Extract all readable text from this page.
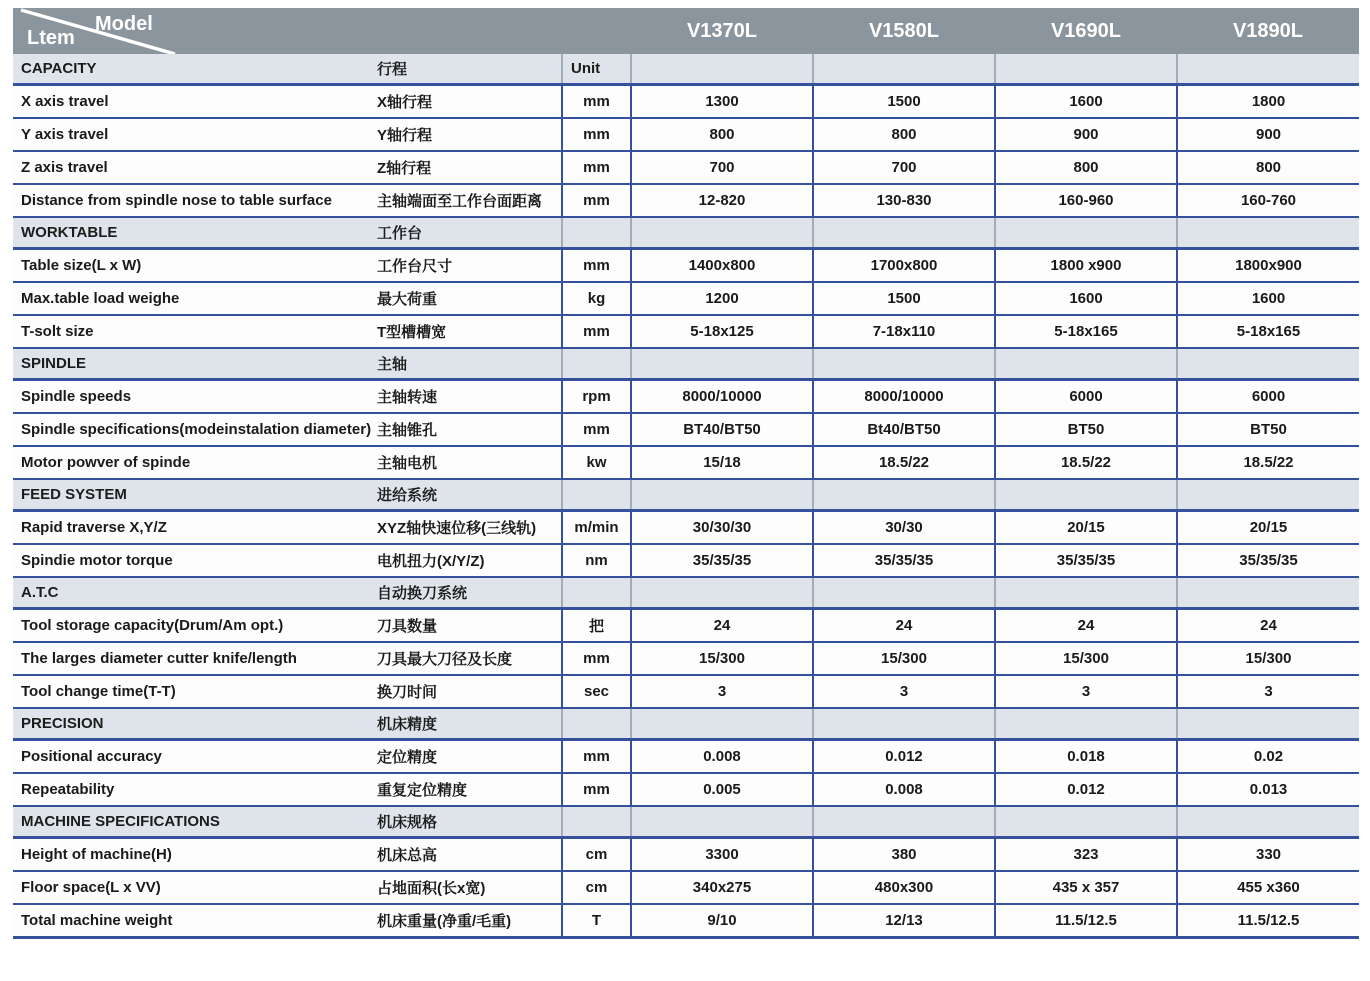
Model
Ltem			V1370L	V1580L	V1690L	V1890L
CAPACITY	行程	Unit				
X axis travel	X轴行程	mm	1300	1500	1600	1800
Y axis travel	Y轴行程	mm	800	800	900	900
Z axis travel	Z轴行程	mm	700	700	800	800
Distance from spindle nose to table surface	主轴端面至工作台面距离	mm	12-820	130-830	160-960	160-760
WORKTABLE	工作台					
Table size(L x W)	工作台尺寸	mm	1400x800	1700x800	1800 x900	1800x900
Max.table load weighe	最大荷重	kg	1200	1500	1600	1600
T-solt size	T型槽槽宽	mm	5-18x125	7-18x110	5-18x165	5-18x165
SPINDLE	主轴					
Spindle speeds	主轴转速	rpm	8000/10000	8000/10000	6000	6000
Spindle specifications(modeinstalation diameter)	主轴锥孔	mm	BT40/BT50	Bt40/BT50	BT50	BT50
Motor powver of spinde	主轴电机	kw	15/18	18.5/22	18.5/22	18.5/22
FEED SYSTEM	进给系统					
Rapid traverse X,Y/Z	XYZ轴快速位移(三线轨)	m/min	30/30/30	30/30	20/15	20/15
Spindie motor torque	电机扭力(X/Y/Z)	nm	35/35/35	35/35/35	35/35/35	35/35/35
A.T.C	自动换刀系统					
Tool storage capacity(Drum/Am opt.)	刀具数量	把	24	24	24	24
The larges diameter cutter knife/length	刀具最大刀径及长度	mm	15/300	15/300	15/300	15/300
Tool change time(T-T)	换刀时间	sec	3	3	3	3
PRECISION	机床精度					
Positional accuracy	定位精度	mm	0.008	0.012	0.018	0.02
Repeatability	重复定位精度	mm	0.005	0.008	0.012	0.013
MACHINE SPECIFICATIONS	机床规格					
Height of machine(H)	机床总高	cm	3300	380	323	330
Floor space(L x VV)	占地面积(长x宽)	cm	340x275	480x300	435 x 357	455 x360
Total machine weight	机床重量(净重/毛重)	T	9/10	12/13	11.5/12.5	11.5/12.5
